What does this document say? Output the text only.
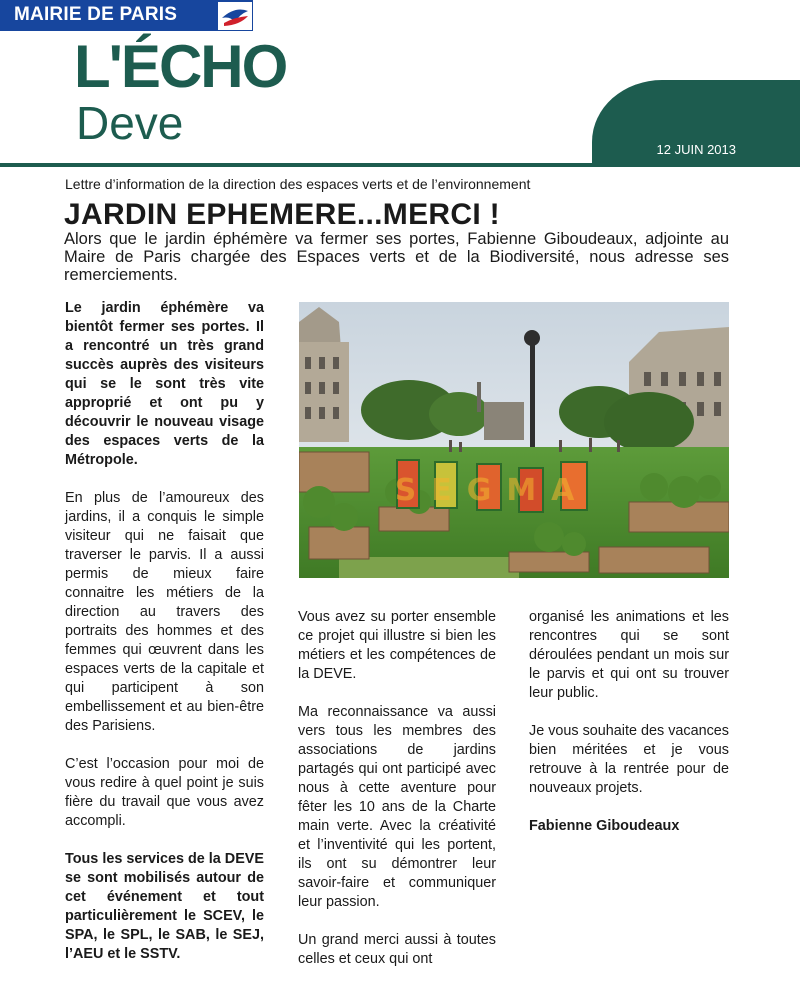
MAIRIE DE PARIS
L'ÉCHO
Deve
12 JUIN 2013
Lettre d’information de la direction des espaces verts et de l’environnement
JARDIN EPHEMERE...MERCI !

Alors que le jardin éphémère va fermer ses portes, Fabienne Giboudeaux, adjointe au Maire de Paris chargée des Espaces verts et de la Biodiversité, nous adresse ses remerciements.

Le jardin éphémère va bientôt fermer ses portes. Il a rencontré un très grand succès auprès des visiteurs qui se le sont très vite approprié et ont pu y découvrir le nouveau visage des espaces verts de la Métropole.

En plus de l’amoureux des jardins, il a conquis le simple visiteur qui ne faisait que traverser le parvis. Il a aussi permis de mieux faire connaitre les métiers de la direction au travers des portraits des hommes et des femmes qui œuvrent dans les espaces verts de la capitale et qui participent à son embellissement et au bien-être des Parisiens.

C’est l’occasion pour moi de vous redire à quel point je suis fière du travail que vous avez accompli.

Tous les services de la DEVE se sont mobilisés autour de cet événement et tout particulièrement le SCEV, le SPA, le SPL, le SAB, le SEJ, l’AEU et le SSTV.

SEGMA

Vous avez su porter ensemble ce projet qui illustre si bien les métiers et les compétences de la DEVE.

Ma reconnaissance va aussi vers tous les membres des associations de jardins partagés qui ont participé avec nous à cette aventure pour fêter les 10 ans de la Charte main verte. Avec la créativité et l’inventivité qui les portent, ils ont su démontrer leur savoir-faire et communiquer leur passion.

Un grand merci aussi à toutes celles et ceux qui ont

organisé les animations et les rencontres qui se sont déroulées pendant un mois sur le parvis et qui ont su trouver leur public.

Je vous souhaite des vacances bien méritées et je vous retrouve à la rentrée pour de nouveaux projets.

Fabienne Giboudeaux
